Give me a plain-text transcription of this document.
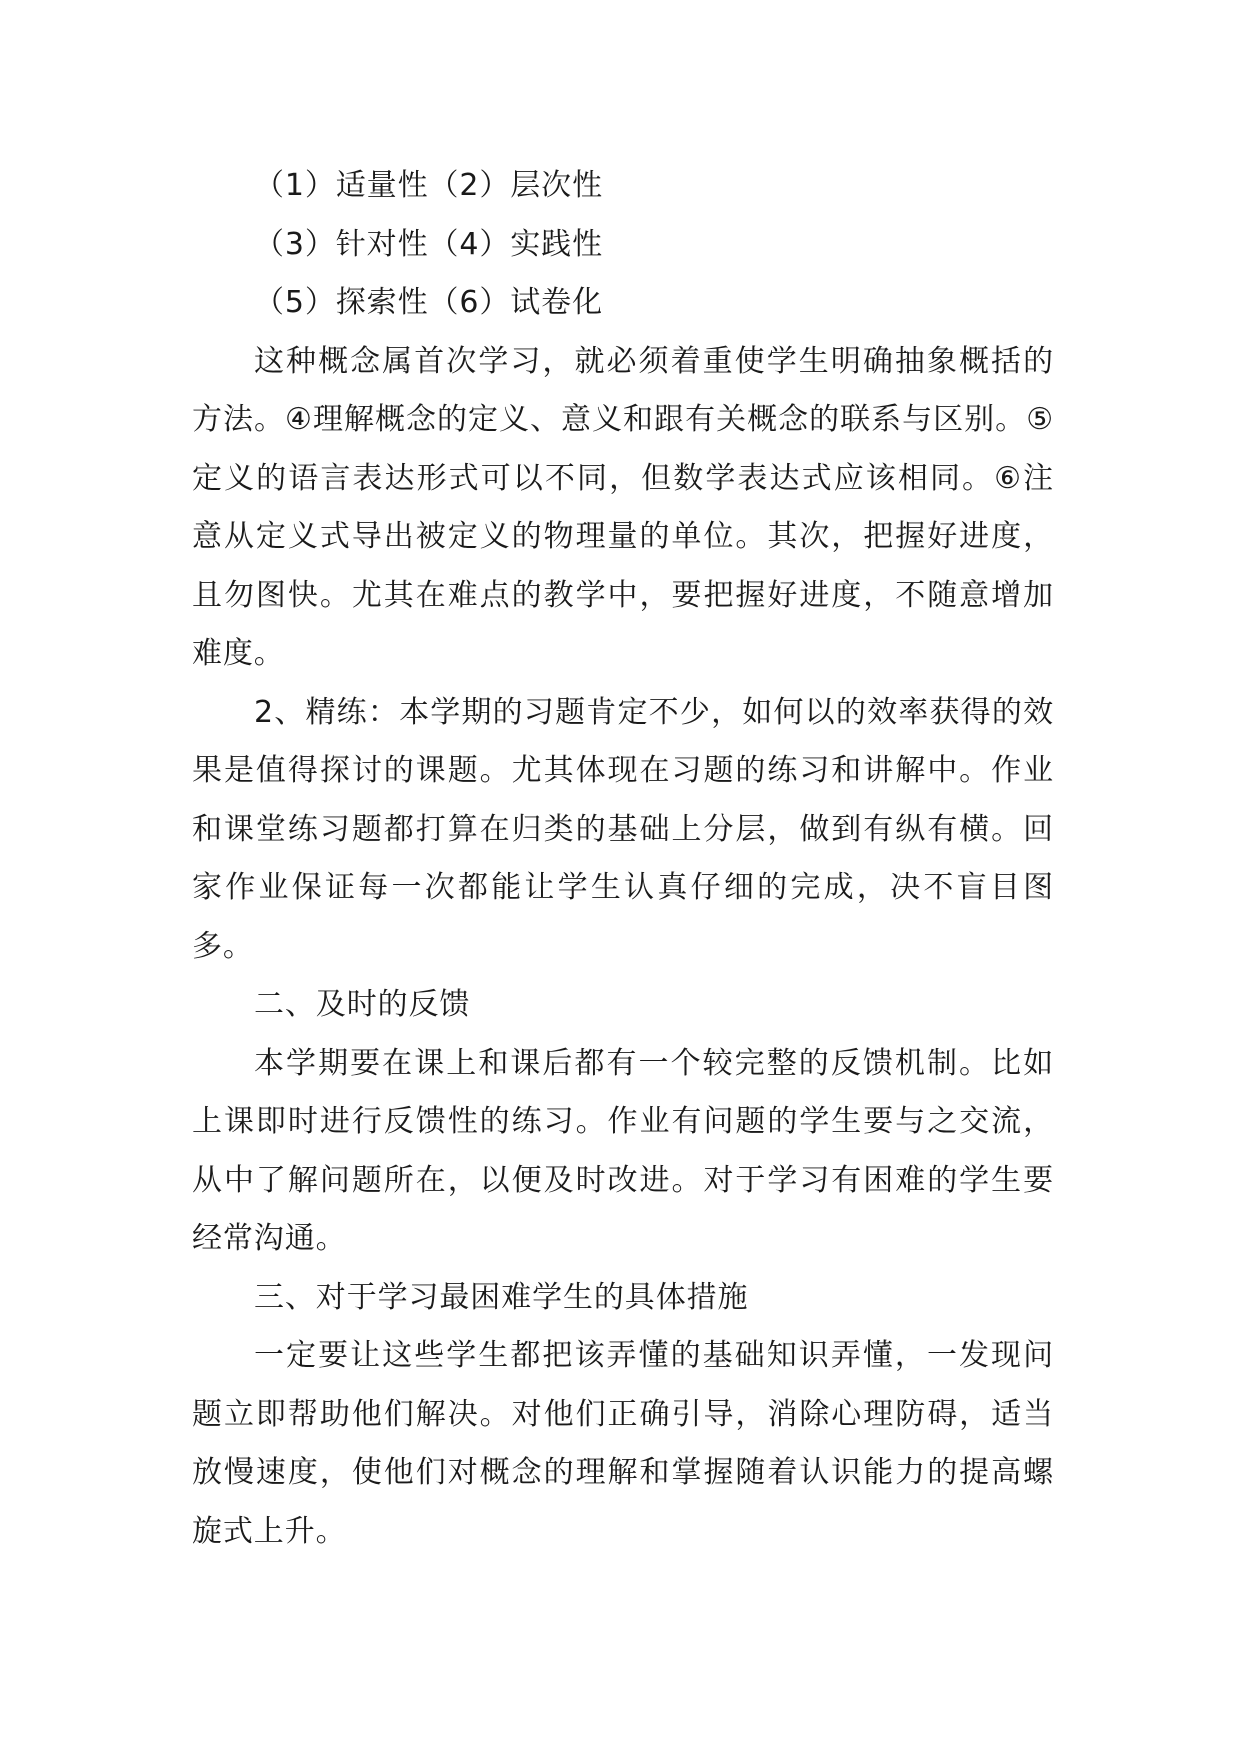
（1）适量性（2）层次性

（3）针对性（4）实践性

（5）探索性（6）试卷化

这种概念属首次学习，就必须着重使学生明确抽象概括的方法。④理解概念的定义、意义和跟有关概念的联系与区别。⑤定义的语言表达形式可以不同，但数学表达式应该相同。⑥注意从定义式导出被定义的物理量的单位。其次，把握好进度，且勿图快。尤其在难点的教学中，要把握好进度，不随意增加难度。

2、精练：本学期的习题肯定不少，如何以的效率获得的效果是值得探讨的课题。尤其体现在习题的练习和讲解中。作业和课堂练习题都打算在归类的基础上分层，做到有纵有横。回家作业保证每一次都能让学生认真仔细的完成，决不盲目图多。

二、及时的反馈

本学期要在课上和课后都有一个较完整的反馈机制。比如上课即时进行反馈性的练习。作业有问题的学生要与之交流，从中了解问题所在，以便及时改进。对于学习有困难的学生要经常沟通。

三、对于学习最困难学生的具体措施

一定要让这些学生都把该弄懂的基础知识弄懂，一发现问题立即帮助他们解决。对他们正确引导，消除心理防碍，适当放慢速度，使他们对概念的理解和掌握随着认识能力的提高螺旋式上升。
